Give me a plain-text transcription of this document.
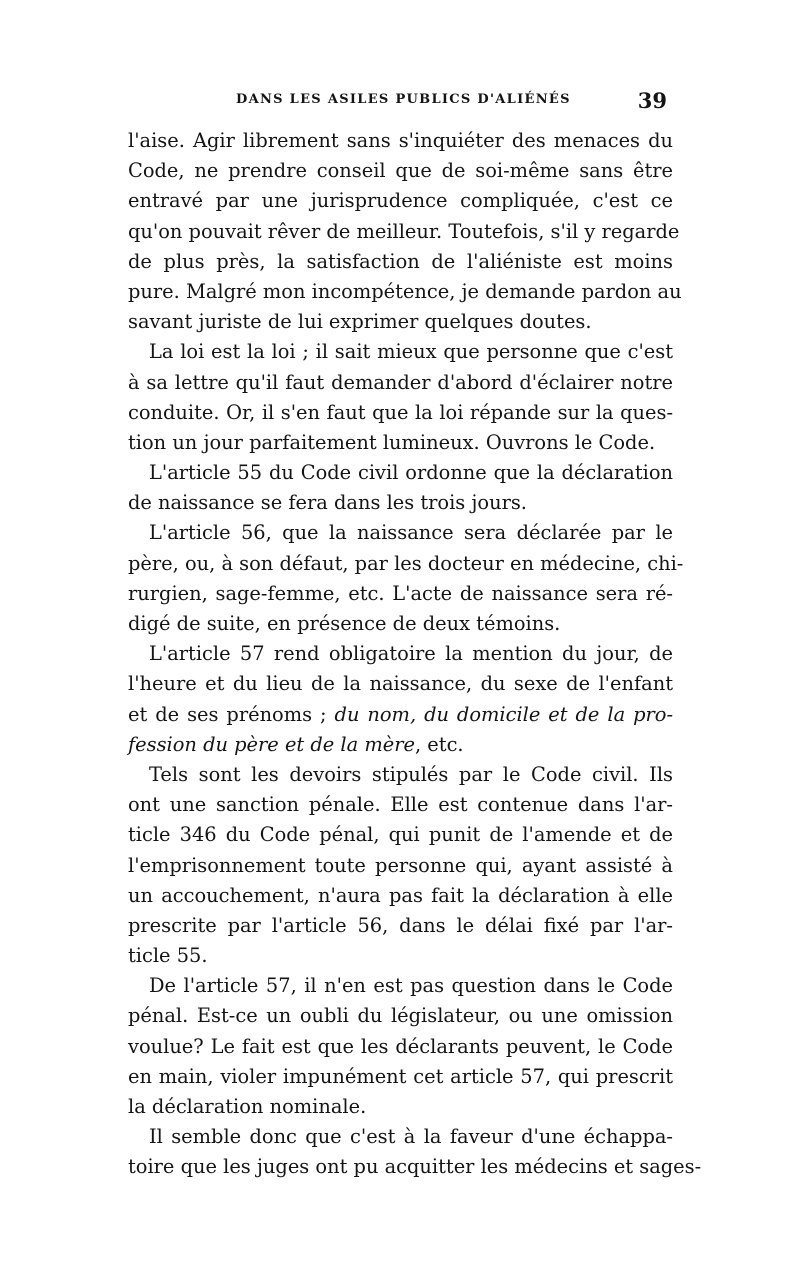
DANS LES ASILES PUBLICS D'ALIÉNÉS	39
l'aise. Agir librement sans s'inquiéter des menaces du
Code, ne prendre conseil que de soi-même sans être
entravé par une jurisprudence compliquée, c'est ce
qu'on pouvait rêver de meilleur. Toutefois, s'il y regarde
de plus près, la satisfaction de l'aliéniste est moins
pure. Malgré mon incompétence, je demande pardon au
savant juriste de lui exprimer quelques doutes.
La loi est la loi ; il sait mieux que personne que c'est
à sa lettre qu'il faut demander d'abord d'éclairer notre
conduite. Or, il s'en faut que la loi répande sur la ques-
tion un jour parfaitement lumineux. Ouvrons le Code.
L'article 55 du Code civil ordonne que la déclaration
de naissance se fera dans les trois jours.
L'article 56, que la naissance sera déclarée par le
père, ou, à son défaut, par les docteur en médecine, chi-
rurgien, sage-femme, etc. L'acte de naissance sera ré-
digé de suite, en présence de deux témoins.
L'article 57 rend obligatoire la mention du jour, de
l'heure et du lieu de la naissance, du sexe de l'enfant
et de ses prénoms ; du nom, du domicile et de la pro-
fession du père et de la mère, etc.
Tels sont les devoirs stipulés par le Code civil. Ils
ont une sanction pénale. Elle est contenue dans l'ar-
ticle 346 du Code pénal, qui punit de l'amende et de
l'emprisonnement toute personne qui, ayant assisté à
un accouchement, n'aura pas fait la déclaration à elle
prescrite par l'article 56, dans le délai fixé par l'ar-
ticle 55.
De l'article 57, il n'en est pas question dans le Code
pénal. Est-ce un oubli du législateur, ou une omission
voulue? Le fait est que les déclarants peuvent, le Code
en main, violer impunément cet article 57, qui prescrit
la déclaration nominale.
Il semble donc que c'est à la faveur d'une échappa-
toire que les juges ont pu acquitter les médecins et sages-
